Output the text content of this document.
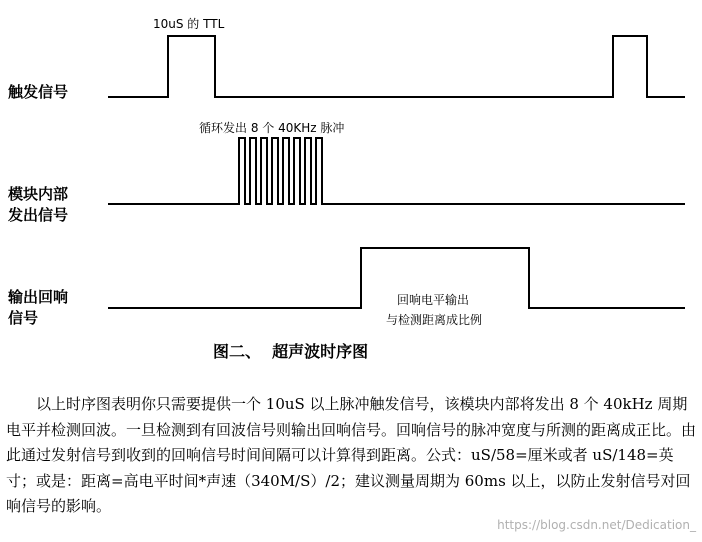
触发信号
模块内部
发出信号
输出回响
信号
10uS 的 TTL
循环发出 8 个 40KHz 脉冲
回响电平输出
与检测距离成比例
图二、  超声波时序图

以上时序图表明你只需要提供一个 10uS 以上脉冲触发信号，该模块内部将发出 8 个 40kHz 周期电平并检测回波。一旦检测到有回波信号则输出回响信号。回响信号的脉冲宽度与所测的距离成正比。由此通过发射信号到收到的回响信号时间间隔可以计算得到距离。公式：uS/58=厘米或者 uS/148=英寸；或是：距离=高电平时间*声速（340M/S）/2；建议测量周期为 60ms 以上，以防止发射信号对回响信号的影响。

https://blog.csdn.net/Dedication_
